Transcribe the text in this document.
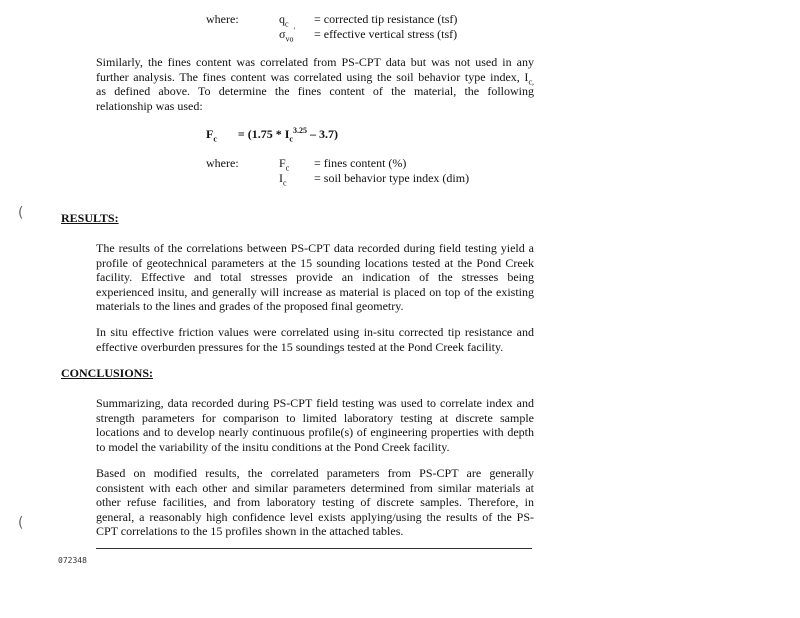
where:	$q_c$ = corrected tip resistance (tsf)
$\sigma_{vo}'$ = effective vertical stress (tsf)
Similarly, the fines content was correlated from PS-CPT data but was not used in any
further analysis. The fines content was correlated using the soil behavior type index, $I_{c,}$
as defined above. To determine the fines content of the material, the following
relationship was used:
$F_c = (1.75 * I_c^{3.25} - 3.7)$
where:	$F_c$ = fines content (%)
$I_c$ = soil behavior type index (dim)
(
(
RESULTS:
The results of the correlations between PS-CPT data recorded during field testing yield a
profile of geotechnical parameters at the 15 sounding locations tested at the Pond Creek
facility. Effective and total stresses provide an indication of the stresses being
experienced insitu, and generally will increase as material is placed on top of the existing
materials to the lines and grades of the proposed final geometry.
In situ effective friction values were correlated using in-situ corrected tip resistance and
effective overburden pressures for the 15 soundings tested at the Pond Creek facility.
CONCLUSIONS:
Summarizing, data recorded during PS-CPT field testing was used to correlate index and
strength parameters for comparison to limited laboratory testing at discrete sample
locations and to develop nearly continuous profile(s) of engineering properties with depth
to model the variability of the insitu conditions at the Pond Creek facility.
Based on modified results, the correlated parameters from PS-CPT are generally
consistent with each other and similar parameters determined from similar materials at
other refuse facilities, and from laboratory testing of discrete samples. Therefore, in
general, a reasonably high confidence level exists applying/using the results of the PS-
CPT correlations to the 15 profiles shown in the attached tables.
072348
